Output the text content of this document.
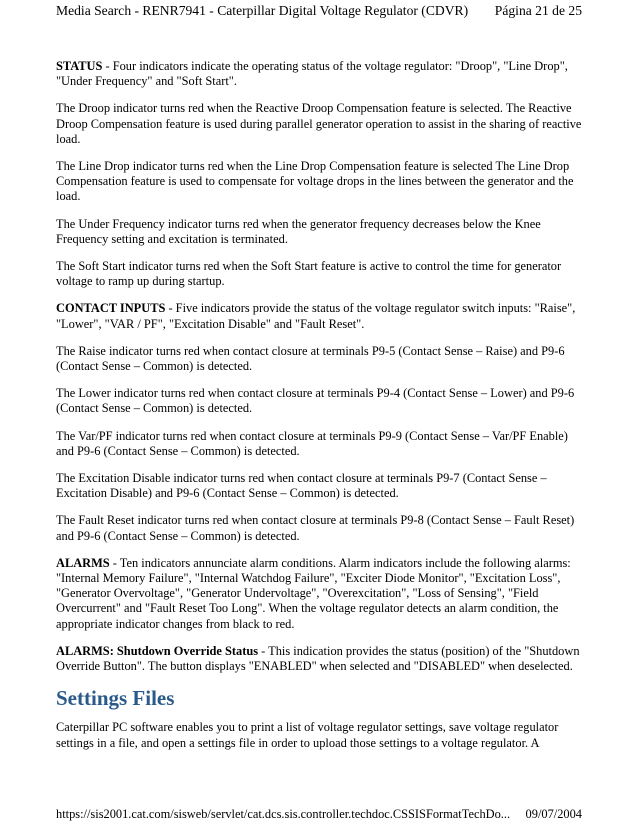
Media Search - RENR7941 - Caterpillar Digital Voltage Regulator (CDVR) Página 21 de 25

STATUS - Four indicators indicate the operating status of the voltage regulator: "Droop", "Line Drop", "Under Frequency" and "Soft Start".

The Droop indicator turns red when the Reactive Droop Compensation feature is selected. The Reactive Droop Compensation feature is used during parallel generator operation to assist in the sharing of reactive load.

The Line Drop indicator turns red when the Line Drop Compensation feature is selected The Line Drop Compensation feature is used to compensate for voltage drops in the lines between the generator and the load.

The Under Frequency indicator turns red when the generator frequency decreases below the Knee Frequency setting and excitation is terminated.

The Soft Start indicator turns red when the Soft Start feature is active to control the time for generator voltage to ramp up during startup.

CONTACT INPUTS - Five indicators provide the status of the voltage regulator switch inputs: "Raise", "Lower", "VAR / PF", "Excitation Disable" and "Fault Reset".

The Raise indicator turns red when contact closure at terminals P9-5 (Contact Sense – Raise) and P9-6 (Contact Sense – Common) is detected.

The Lower indicator turns red when contact closure at terminals P9-4 (Contact Sense – Lower) and P9-6 (Contact Sense – Common) is detected.

The Var/PF indicator turns red when contact closure at terminals P9-9 (Contact Sense – Var/PF Enable) and P9-6 (Contact Sense – Common) is detected.

The Excitation Disable indicator turns red when contact closure at terminals P9-7 (Contact Sense – Excitation Disable) and P9-6 (Contact Sense – Common) is detected.

The Fault Reset indicator turns red when contact closure at terminals P9-8 (Contact Sense – Fault Reset) and P9-6 (Contact Sense – Common) is detected.

ALARMS - Ten indicators annunciate alarm conditions. Alarm indicators include the following alarms: "Internal Memory Failure", "Internal Watchdog Failure", "Exciter Diode Monitor", "Excitation Loss", "Generator Overvoltage", "Generator Undervoltage", "Overexcitation", "Loss of Sensing", "Field Overcurrent" and "Fault Reset Too Long". When the voltage regulator detects an alarm condition, the appropriate indicator changes from black to red.

ALARMS: Shutdown Override Status - This indication provides the status (position) of the "Shutdown Override Button". The button displays "ENABLED" when selected and "DISABLED" when deselected.

Settings Files

Caterpillar PC software enables you to print a list of voltage regulator settings, save voltage regulator settings in a file, and open a settings file in order to upload those settings to a voltage regulator. A

https://sis2001.cat.com/sisweb/servlet/cat.dcs.sis.controller.techdoc.CSSISFormatTechDo... 09/07/2004
